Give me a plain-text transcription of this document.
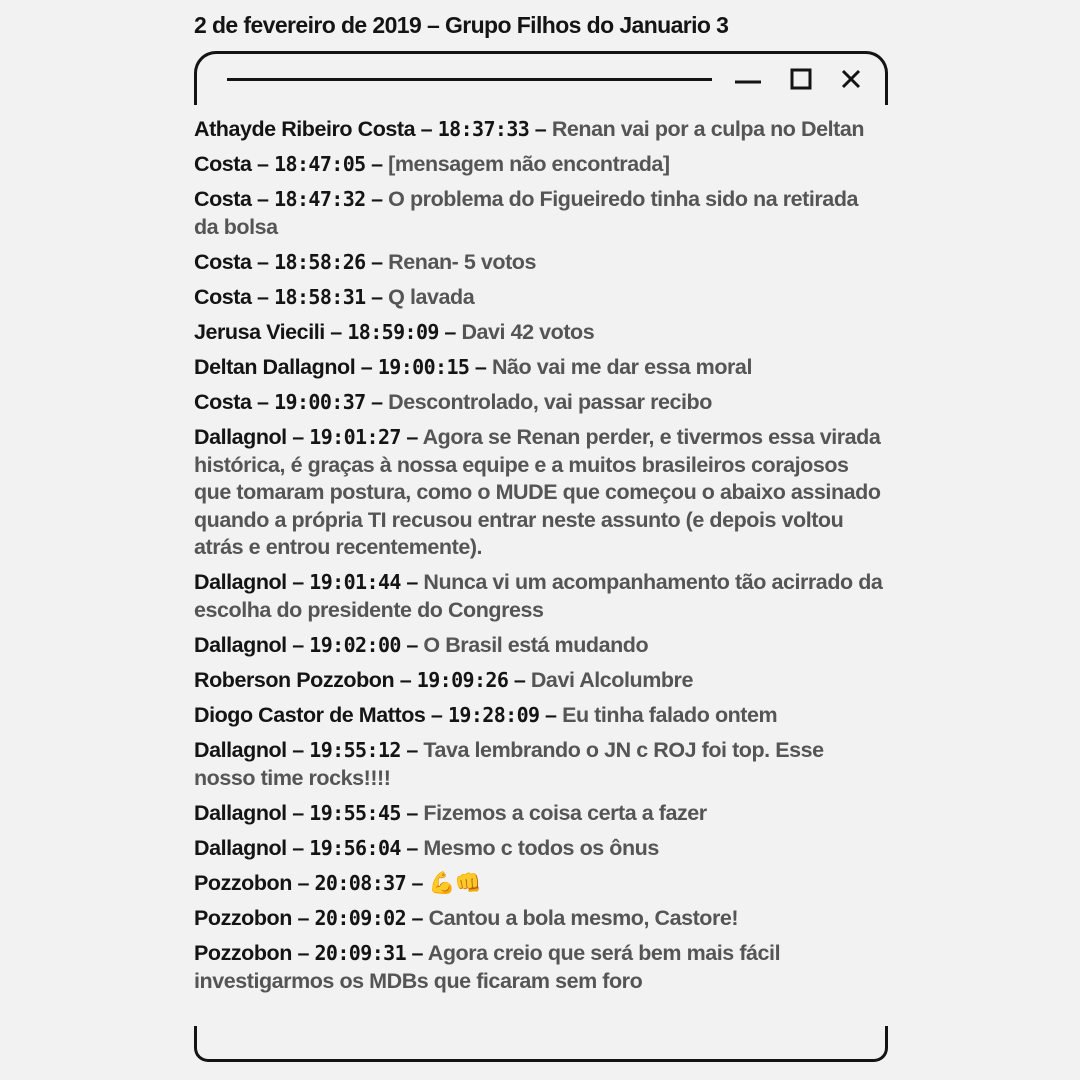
2 de fevereiro de 2019 – Grupo Filhos do Januario 3
Athayde Ribeiro Costa – 18:37:33 – Renan vai por a culpa no Deltan
Costa – 18:47:05 – [mensagem não encontrada]
Costa – 18:47:32 – O problema do Figueiredo tinha sido na retirada da bolsa
Costa – 18:58:26 – Renan- 5 votos
Costa – 18:58:31 – Q lavada
Jerusa Viecili – 18:59:09 – Davi 42 votos
Deltan Dallagnol – 19:00:15 – Não vai me dar essa moral
Costa – 19:00:37 – Descontrolado, vai passar recibo
Dallagnol – 19:01:27 – Agora se Renan perder, e tivermos essa virada histórica, é graças à nossa equipe e a muitos brasileiros corajosos que tomaram postura, como o MUDE que começou o abaixo assinado quando a própria TI recusou entrar neste assunto (e depois voltou atrás e entrou recentemente).
Dallagnol – 19:01:44 – Nunca vi um acompanhamento tão acirrado da escolha do presidente do Congress
Dallagnol – 19:02:00 – O Brasil está mudando
Roberson Pozzobon – 19:09:26 – Davi Alcolumbre
Diogo Castor de Mattos – 19:28:09 – Eu tinha falado ontem
Dallagnol – 19:55:12 – Tava lembrando o JN c ROJ foi top. Esse nosso time rocks!!!!
Dallagnol – 19:55:45 – Fizemos a coisa certa a fazer
Dallagnol – 19:56:04 – Mesmo c todos os ônus
Pozzobon – 20:08:37 – 💪👊
Pozzobon – 20:09:02 – Cantou a bola mesmo, Castore!
Pozzobon – 20:09:31 – Agora creio que será bem mais fácil investigarmos os MDBs que ficaram sem foro
